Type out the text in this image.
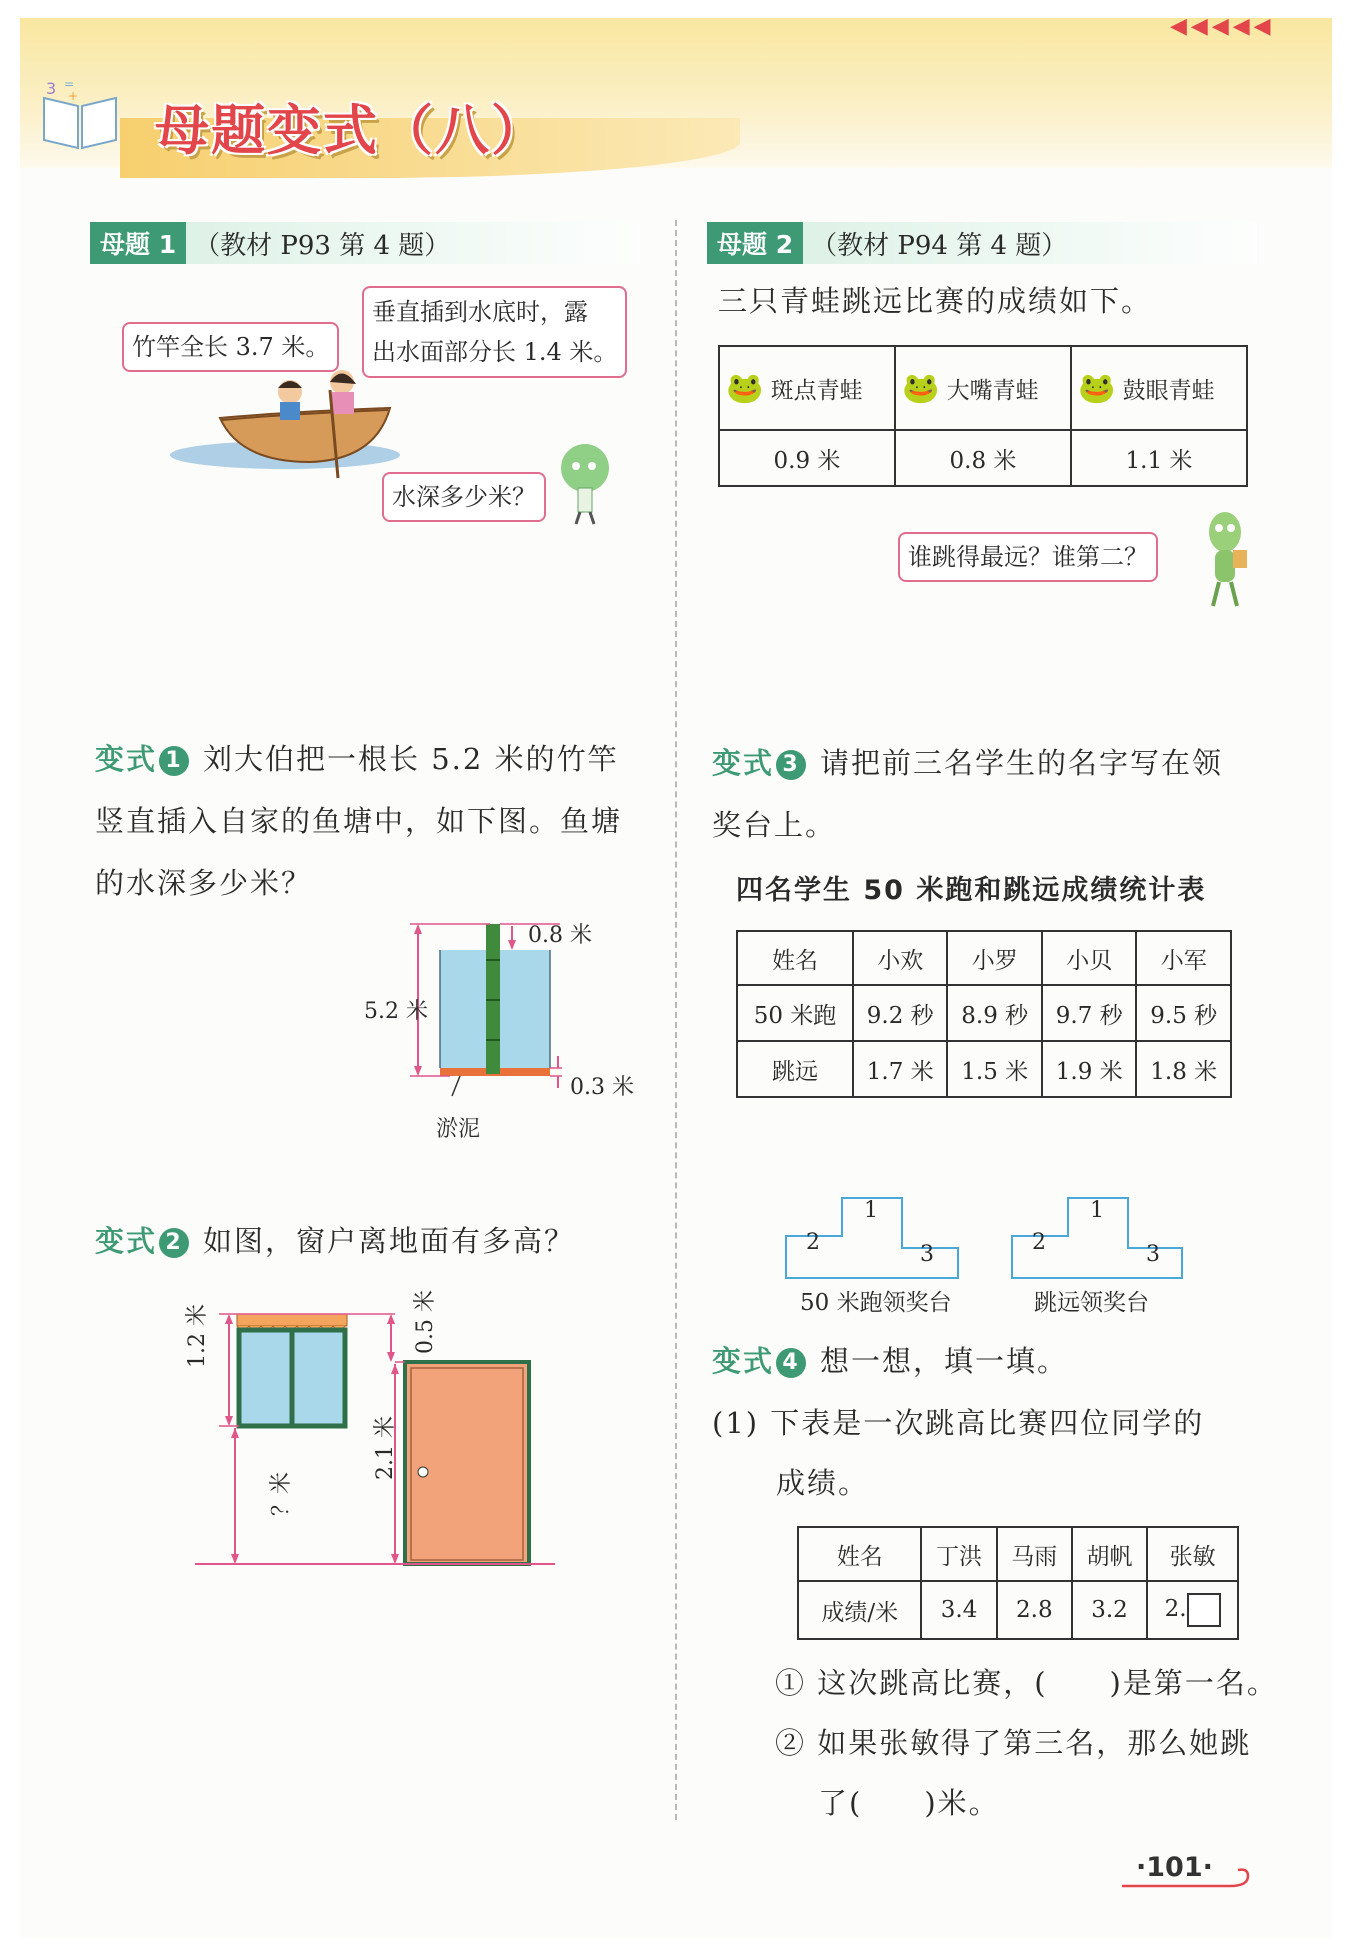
◀◀◀◀◀
3 =
+
母题变式（八）
母题 1 （教材 P93 第 4 题）
竹竿全长 3.7 米。
垂直插到水底时，露
出水面部分长 1.4 米。
水深多少米？
母题 2 （教材 P94 第 4 题）
三只青蛙跳远比赛的成绩如下。
🐸 斑点青蛙	🐸 大嘴青蛙	🐸 鼓眼青蛙
0.9 米	0.8 米	1.1 米
谁跳得最远？谁第二？
变式 1 刘大伯把一根长 5.2 米的竹竿
竖直插入自家的鱼塘中，如下图。鱼塘
的水深多少米？
0.8 米
5.2 米
0.3 米
淤泥
变式 2 如图，窗户离地面有多高？
1.2 米	0.5 米
2.1 米
？米
变式 3 请把前三名学生的名字写在领
奖台上。
四名学生 50 米跑和跳远成绩统计表
姓名	小欢	小罗	小贝	小军
50 米跑	9.2 秒	8.9 秒	9.7 秒	9.5 秒
跳远	1.7 米	1.5 米	1.9 米	1.8 米
1
2	3
1
2	3
50 米跑领奖台	跳远领奖台
变式 4 想一想，填一填。
(1) 下表是一次跳高比赛四位同学的
成绩。
姓名	丁洪	马雨	胡帆	张敏
成绩/米	3.4	2.8	3.2	2.
① 这次跳高比赛，(　　)是第一名。
② 如果张敏得了第三名，那么她跳
了(　　)米。
·101·
